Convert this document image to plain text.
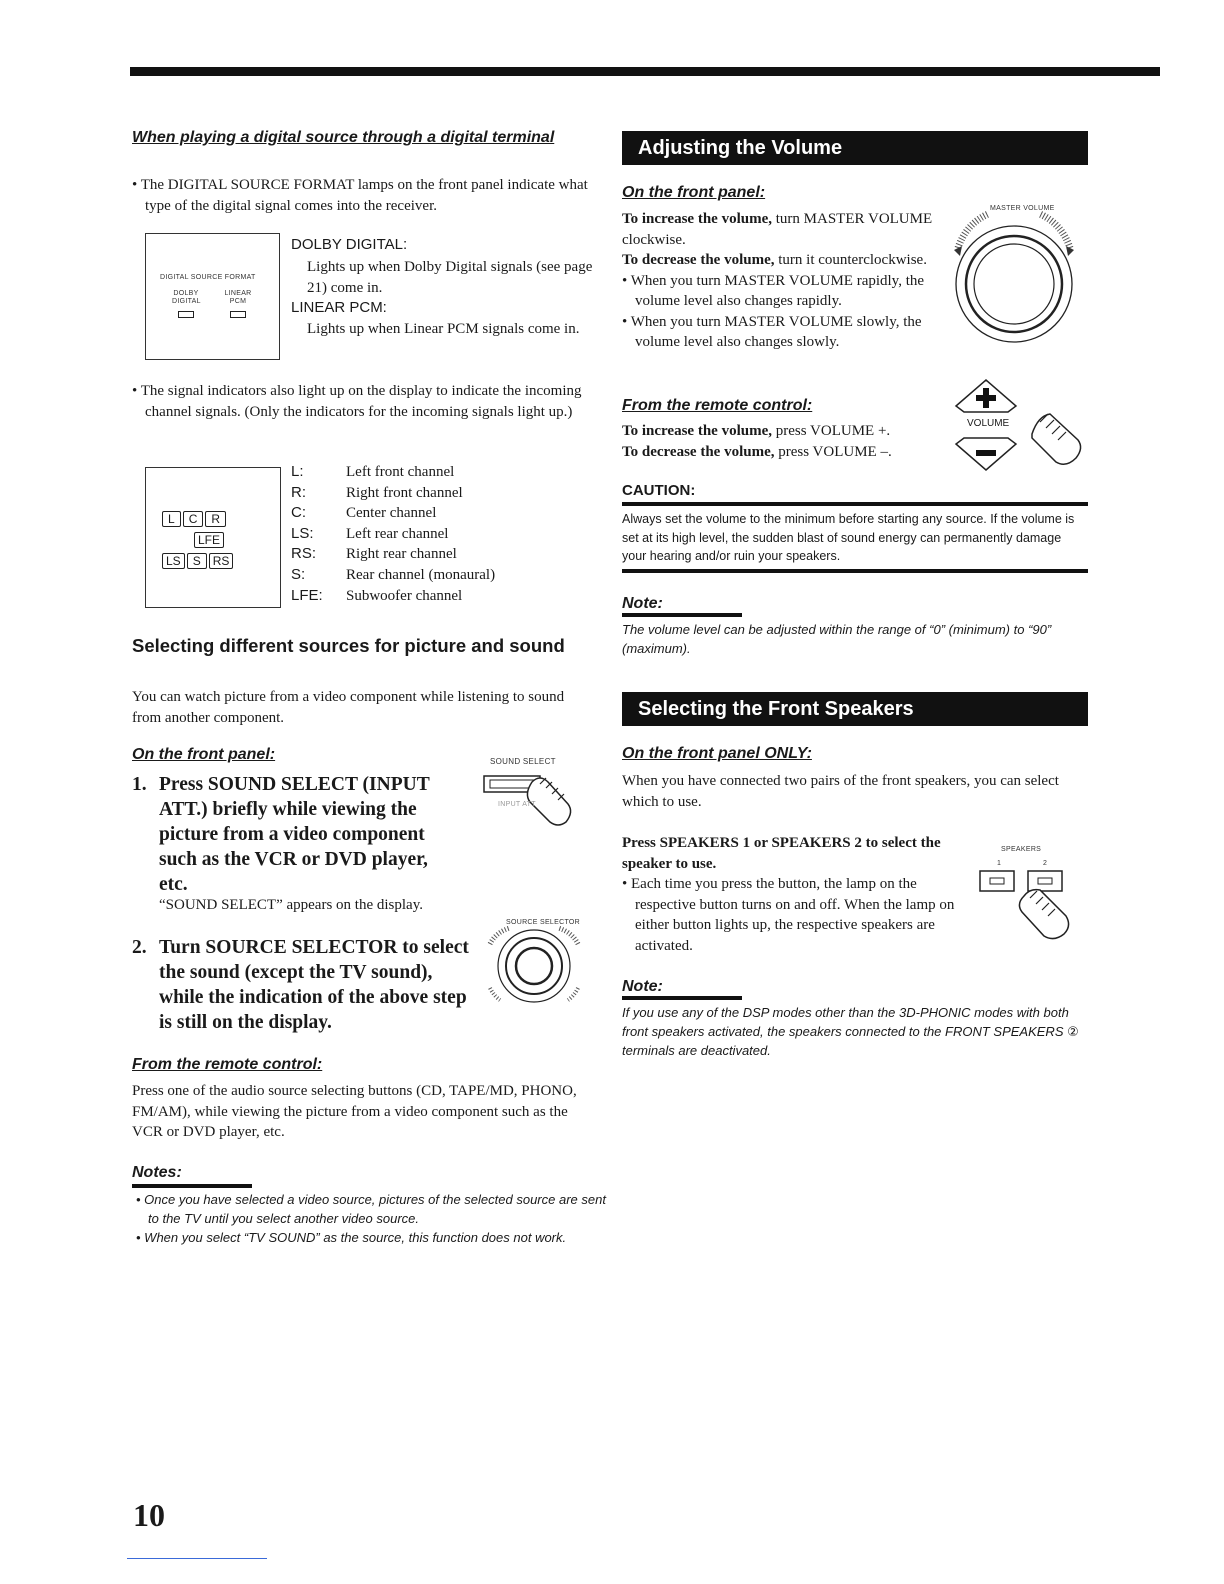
When playing a digital source through a digital terminal
• The DIGITAL SOURCE FORMAT lamps on the front panel indicate what type of the digital signal comes into the receiver.
DIGITAL SOURCE FORMAT
DOLBY DIGITAL
LINEAR PCM
DOLBY DIGITAL:
Lights up when Dolby Digital signals (see page 21) come in.
LINEAR PCM:
Lights up when Linear PCM signals come in.
• The signal indicators also light up on the display to indicate the incoming channel signals. (Only the indicators for the incoming signals light up.)
L C R
LFE
LS S RS
L:	Left front channel
R:	Right front channel
C:	Center channel
LS:	Left rear channel
RS:	Right rear channel
S:	Rear channel (monaural)
LFE:	Subwoofer channel
Selecting different sources for picture and sound
You can watch picture from a video component while listening to sound from another component.
On the front panel:	SOUND SELECT
INPUT ATT
1. Press SOUND SELECT (INPUT ATT.) briefly while viewing the picture from a video component such as the VCR or DVD player, etc.
“SOUND SELECT” appears on the display.
SOURCE SELECTOR
2. Turn SOURCE SELECTOR to select the sound (except the TV sound), while the indication of the above step is still on the display.
From the remote control:
Press one of the audio source selecting buttons (CD, TAPE/MD, PHONO, FM/AM), while viewing the picture from a video component such as the VCR or DVD player, etc.
Notes:
• Once you have selected a video source, pictures of the selected source are sent to the TV until you select another video source.
• When you select “TV SOUND” as the source, this function does not work.
10
Adjusting the Volume
On the front panel:
To increase the volume, turn MASTER VOLUME clockwise.
To decrease the volume, turn it counterclockwise.
• When you turn MASTER VOLUME rapidly, the volume level also changes rapidly.
• When you turn MASTER VOLUME slowly, the volume level also changes slowly.
MASTER VOLUME
From the remote control:
To increase the volume, press VOLUME +.
To decrease the volume, press VOLUME –.
VOLUME
CAUTION:
Always set the volume to the minimum before starting any source. If the volume is set at its high level, the sudden blast of sound energy can permanently damage your hearing and/or ruin your speakers.
Note:
The volume level can be adjusted within the range of “0” (minimum) to “90” (maximum).
Selecting the Front Speakers
On the front panel ONLY:
When you have connected two pairs of the front speakers, you can select which to use.
Press SPEAKERS 1 or SPEAKERS 2 to select the speaker to use.
• Each time you press the button, the lamp on the respective button turns on and off. When the lamp on either button lights up, the respective speakers are activated.
SPEAKERS
1	2
Note:
If you use any of the DSP modes other than the 3D-PHONIC modes with both front speakers activated, the speakers connected to the FRONT SPEAKERS ② terminals are deactivated.
